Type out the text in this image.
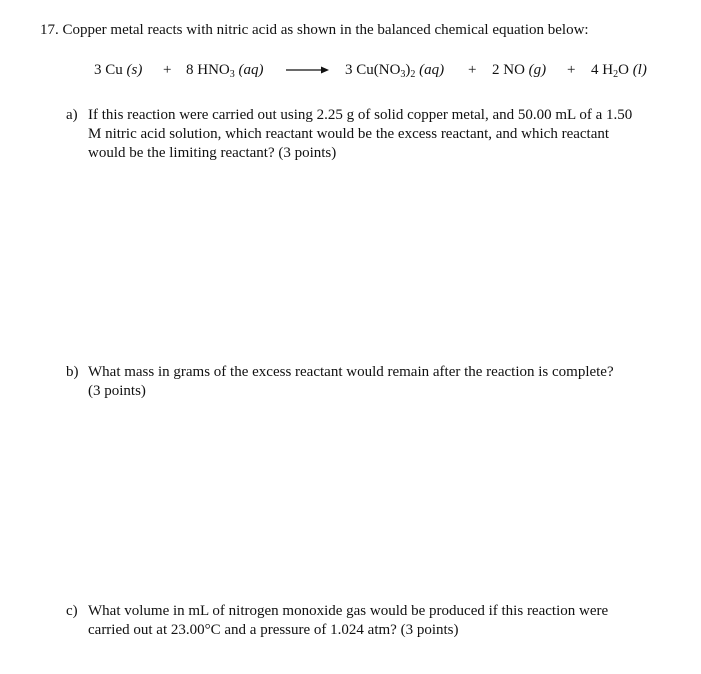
17. Copper metal reacts with nitric acid as shown in the balanced chemical equation below:
3 Cu (s) + 8 $HNO_3$ (aq) → 3 $Cu(NO_3)_2$ (aq) + 2 NO (g) + 4 $H_2O$ (l)
a) If this reaction were carried out using 2.25 g of solid copper metal, and 50.00 mL of a 1.50
M nitric acid solution, which reactant would be the excess reactant, and which reactant
would be the limiting reactant? (3 points)
b) What mass in grams of the excess reactant would remain after the reaction is complete?
(3 points)
c) What volume in mL of nitrogen monoxide gas would be produced if this reaction were
carried out at 23.00°C and a pressure of 1.024 atm? (3 points)
